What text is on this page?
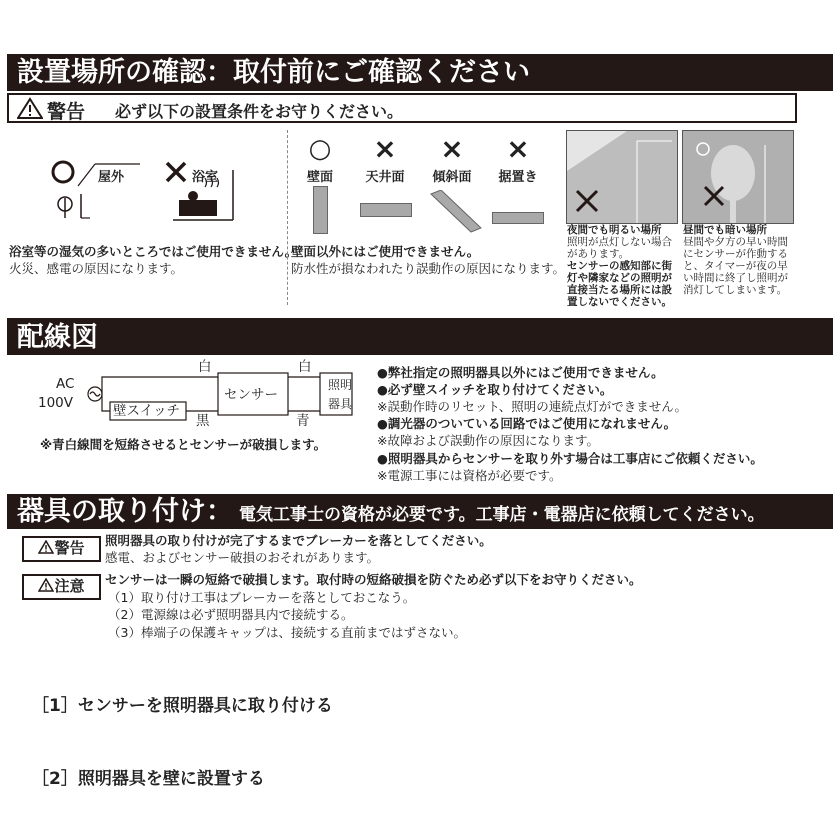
設置場所の確認：取付前にご確認ください
警告 必ず以下の設置条件をお守りください。
屋外	浴室
浴室等の湿気の多いところではご使用できません。
火災、感電の原因になります。
○	×	×	×
壁面	天井面	傾斜面	据置き
壁面以外にはご使用できません。
防水性が損なわれたり誤動作の原因になります。
夜間でも明るい場所
照明が点灯しない場合
があります。
センサーの感知部に街
灯や隣家などの照明が
直接当たる場所には設
置しないでください。
昼間でも暗い場所
昼間や夕方の早い時間
にセンサーが作動する
と、タイマーが夜の早
い時間に終了し照明が
消灯してしまいます。
配線図
AC
100V	壁スイッチ
センサー
照明
器具
白	白
黒	青
※青白線間を短絡させるとセンサーが破損します。
●弊社指定の照明器具以外にはご使用できません。
●必ず壁スイッチを取り付けてください。
※誤動作時のリセット、照明の連続点灯ができません。
●調光器のついている回路ではご使用になれません。
※故障および誤動作の原因になります。
●照明器具からセンサーを取り外す場合は工事店にご依頼ください。
※電源工事には資格が必要です。
器具の取り付け： 電気工事士の資格が必要です。工事店・電器店に依頼してください。
警告	照明器具の取り付けが完了するまでブレーカーを落としてください。
感電、およびセンサー破損のおそれがあります。
注意	センサーは一瞬の短絡で破損します。取付時の短絡破損を防ぐため必ず以下をお守りください。
（1）取り付け工事はブレーカーを落としておこなう。
（2）電源線は必ず照明器具内で接続する。
（3）棒端子の保護キャップは、接続する直前まではずさない。
［1］センサーを照明器具に取り付ける
［2］照明器具を壁に設置する
